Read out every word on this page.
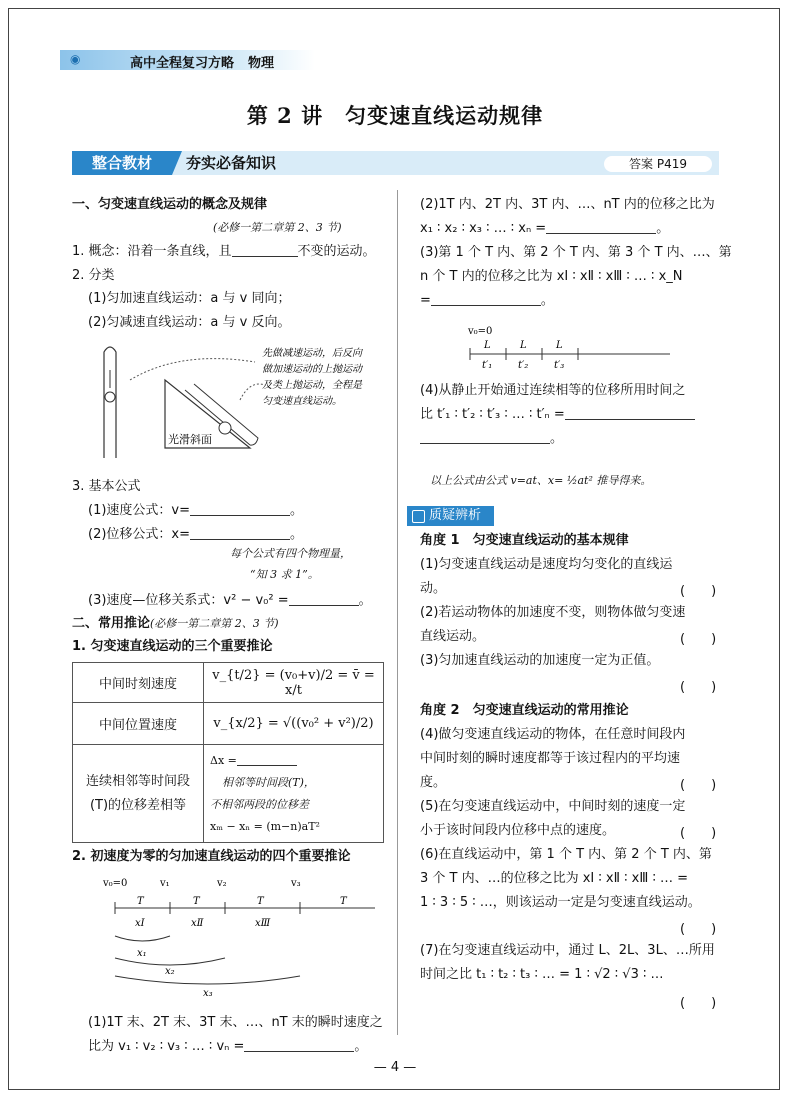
◉	高中全程复习方略 物理
第 2 讲　匀变速直线运动规律
整合教材	夯实必备知识	答案 P419
一、匀变速直线运动的概念及规律
(必修一第二章第 2、3 节)
1. 概念：沿着一条直线，且	不变的运动。
2. 分类
(1)匀加速直线运动：a 与 v 同向；
(2)匀减速直线运动：a 与 v 反向。
光滑斜面
先做减速运动，后反向
做加速运动的上抛运动
及类上抛运动，全程是
匀变速直线运动。
3. 基本公式
(1)速度公式：v=	。
(2)位移公式：x=	。
每个公式有四个物理量，
“知 3 求 1”。
(3)速度—位移关系式：v² − v₀² =	。
二、常用推论(必修一第二章第 2、3 节)
1. 匀变速直线运动的三个重要推论
中间时刻速度	v_{t/2} = (v₀+v)/2 = v̄ = x/t
中间位置速度	v_{x/2} = √((v₀² + v²)/2)
连续相邻等时间段(T)的位移差相等	Δx =
相邻等时间段(T)，
不相邻两段的位移差
xₘ − xₙ = (m−n)aT²
2. 初速度为零的匀加速直线运动的四个重要推论
v₀=0	v₁	v₂	v₃
T	T	T	T
xⅠ	xⅡ	xⅢ
x₁
x₂
x₃
(1)1T 末、2T 末、3T 末、…、nT 末的瞬时速度之
比为 v₁ ∶ v₂ ∶ v₃ ∶ … ∶ vₙ =	。
(2)1T 内、2T 内、3T 内、…、nT 内的位移之比为
x₁ ∶ x₂ ∶ x₃ ∶ … ∶ xₙ =	。
(3)第 1 个 T 内、第 2 个 T 内、第 3 个 T 内、…、第
n 个 T 内的位移之比为 xⅠ ∶ xⅡ ∶ xⅢ ∶ … ∶ x_N
=	。
v₀=0
L	L	L
t′₁	t′₂	t′₃
(4)从静止开始通过连续相等的位移所用时间之
比 t′₁ ∶ t′₂ ∶ t′₃ ∶ … ∶ t′ₙ =
。
以上公式由公式 v=at、x= ½at² 推导得来。
质疑辨析
角度 1　匀变速直线运动的基本规律
(1)匀变速直线运动是速度均匀变化的直线运
动。	(　　)
(2)若运动物体的加速度不变，则物体做匀变速
直线运动。	(　　)
(3)匀加速直线运动的加速度一定为正值。
(　　)
角度 2　匀变速直线运动的常用推论
(4)做匀变速直线运动的物体，在任意时间段内
中间时刻的瞬时速度都等于该过程内的平均速
度。	(　　)
(5)在匀变速直线运动中，中间时刻的速度一定
小于该时间段内位移中点的速度。	(　　)
(6)在直线运动中，第 1 个 T 内、第 2 个 T 内、第
3 个 T 内、…的位移之比为 xⅠ ∶ xⅡ ∶ xⅢ ∶ … =
1 ∶ 3 ∶ 5 ∶ …，则该运动一定是匀变速直线运动。
(　　)
(7)在匀变速直线运动中，通过 L、2L、3L、…所用
时间之比 t₁ ∶ t₂ ∶ t₃ ∶ … = 1 ∶ √2 ∶ √3 ∶ …
(　　)
— 4 —
